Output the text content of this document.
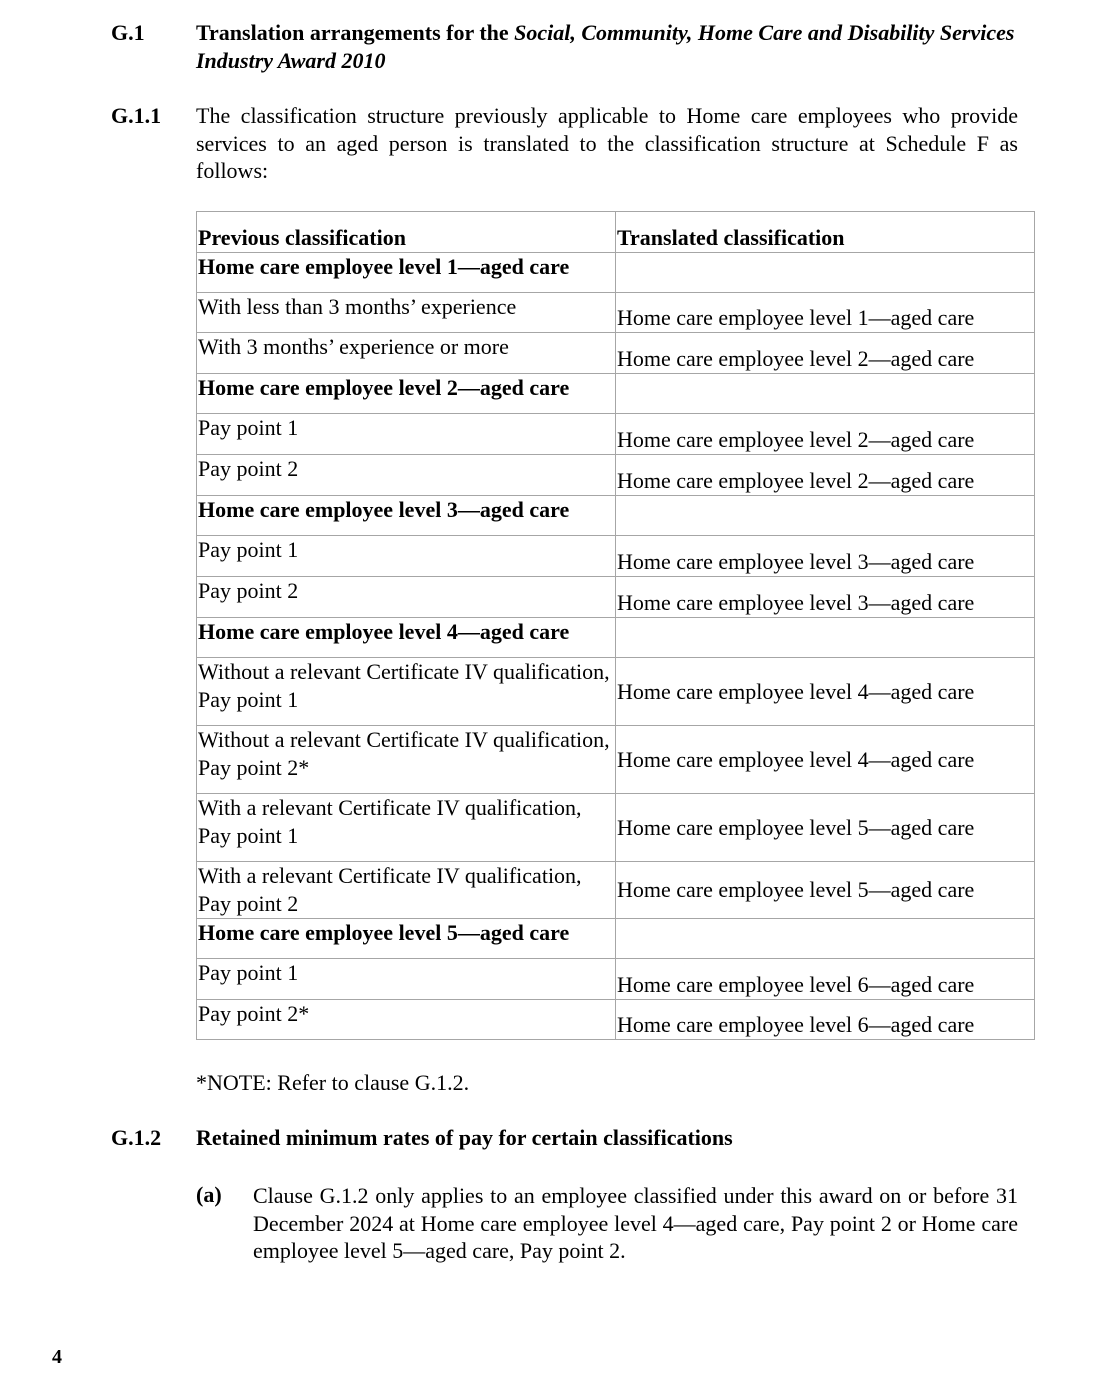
G.1 Translation arrangements for the Social, Community, Home Care and Disability Services Industry Award 2010
G.1.1 The classification structure previously applicable to Home care employees who provide services to an aged person is translated to the classification structure at Schedule F as follows:
Previous classification	Translated classification
Home care employee level 1—aged care	
With less than 3 months’ experience	Home care employee level 1—aged care
With 3 months’ experience or more	Home care employee level 2—aged care
Home care employee level 2—aged care	
Pay point 1	Home care employee level 2—aged care
Pay point 2	Home care employee level 2—aged care
Home care employee level 3—aged care	
Pay point 1	Home care employee level 3—aged care
Pay point 2	Home care employee level 3—aged care
Home care employee level 4—aged care	
Without a relevant Certificate IV qualification, Pay point 1	Home care employee level 4—aged care
Without a relevant Certificate IV qualification, Pay point 2*	Home care employee level 4—aged care
With a relevant Certificate IV qualification, Pay point 1	Home care employee level 5—aged care
With a relevant Certificate IV qualification, Pay point 2	Home care employee level 5—aged care
Home care employee level 5—aged care	
Pay point 1	Home care employee level 6—aged care
Pay point 2*	Home care employee level 6—aged care
*NOTE: Refer to clause G.1.2.
G.1.2 Retained minimum rates of pay for certain classifications
(a) Clause G.1.2 only applies to an employee classified under this award on or before 31 December 2024 at Home care employee level 4—aged care, Pay point 2 or Home care employee level 5—aged care, Pay point 2.
4
